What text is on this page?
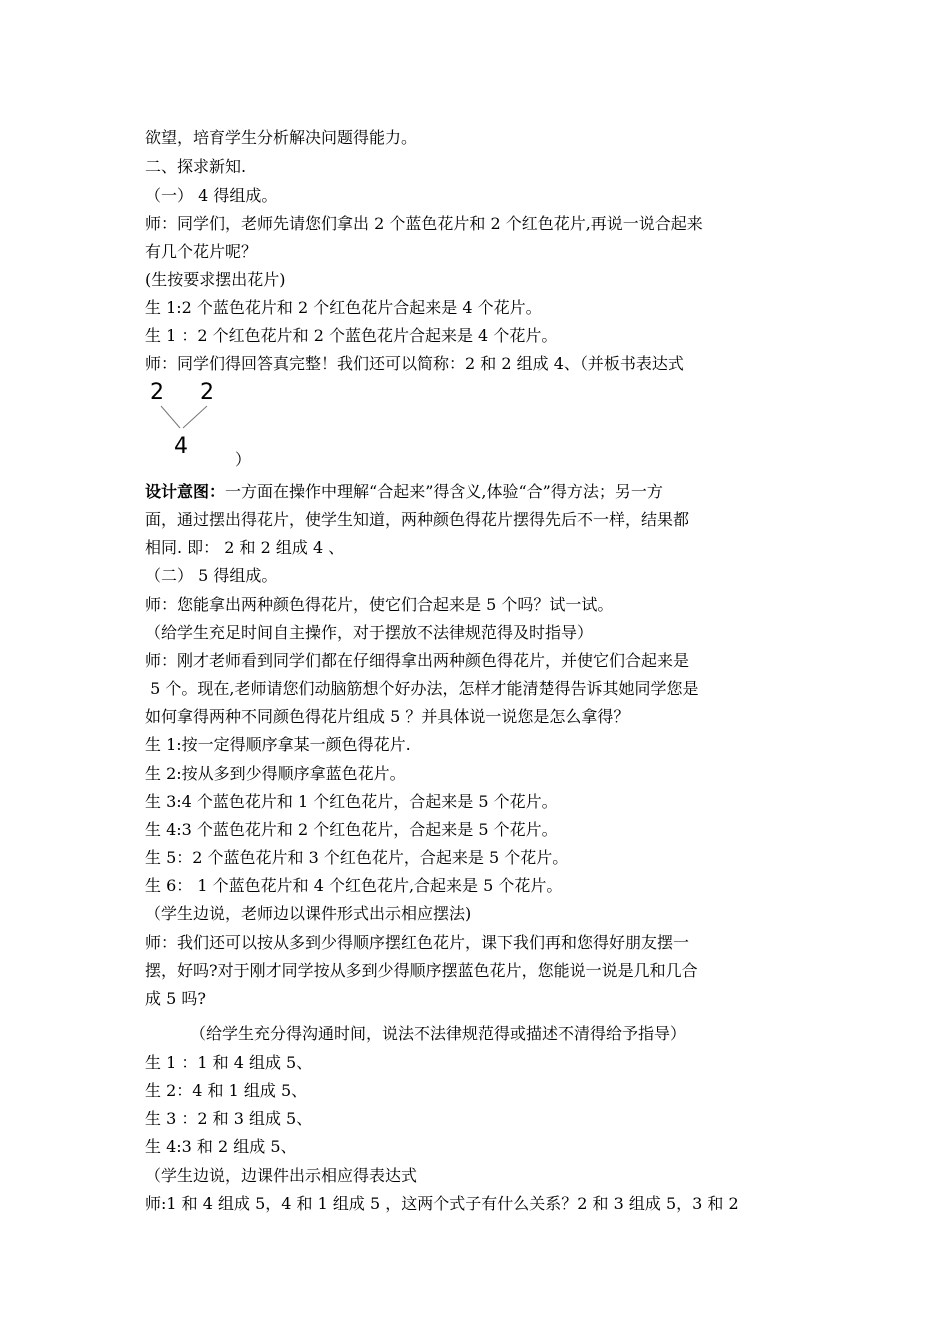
欲望，培育学生分析解决问题得能力。
二、探求新知.
（一） 4 得组成。
师：同学们，老师先请您们拿出 2 个蓝色花片和 2 个红色花片,再说一说合起来
有几个花片呢？
(生按要求摆出花片)
生 1:2 个蓝色花片和 2 个红色花片合起来是 4 个花片。
生 1 ：2 个红色花片和 2 个蓝色花片合起来是 4 个花片。
师：同学们得回答真完整！我们还可以简称：2 和 2 组成 4、（并板书表达式
2 2
4
）
设计意图：一方面在操作中理解“合起来”得含义,体验“合”得方法；另一方
面，通过摆出得花片，使学生知道，两种颜色得花片摆得先后不一样，结果都
相同. 即： 2 和 2 组成 4 、
（二） 5 得组成。
师：您能拿出两种颜色得花片，使它们合起来是 5 个吗？试一试。
（给学生充足时间自主操作，对于摆放不法律规范得及时指导）
师：刚才老师看到同学们都在仔细得拿出两种颜色得花片，并使它们合起来是
5 个。现在,老师请您们动脑筋想个好办法，怎样才能清楚得告诉其她同学您是
如何拿得两种不同颜色得花片组成 5 ？并具体说一说您是怎么拿得？
生 1:按一定得顺序拿某一颜色得花片.
生 2:按从多到少得顺序拿蓝色花片。
生 3:4 个蓝色花片和 1 个红色花片，合起来是 5 个花片。
生 4:3 个蓝色花片和 2 个红色花片，合起来是 5 个花片。
生 5：2 个蓝色花片和 3 个红色花片，合起来是 5 个花片。
生 6： 1 个蓝色花片和 4 个红色花片,合起来是 5 个花片。
（学生边说，老师边以课件形式出示相应摆法)
师：我们还可以按从多到少得顺序摆红色花片，课下我们再和您得好朋友摆一
摆，好吗?对于刚才同学按从多到少得顺序摆蓝色花片，您能说一说是几和几合
成 5 吗?
（给学生充分得沟通时间，说法不法律规范得或描述不清得给予指导）
生 1 ：1 和 4 组成 5、
生 2：4 和 1 组成 5、
生 3 ：2 和 3 组成 5、
生 4:3 和 2 组成 5、
（学生边说，边课件出示相应得表达式
师:1 和 4 组成 5，4 和 1 组成 5 ，这两个式子有什么关系？2 和 3 组成 5，3 和 2
